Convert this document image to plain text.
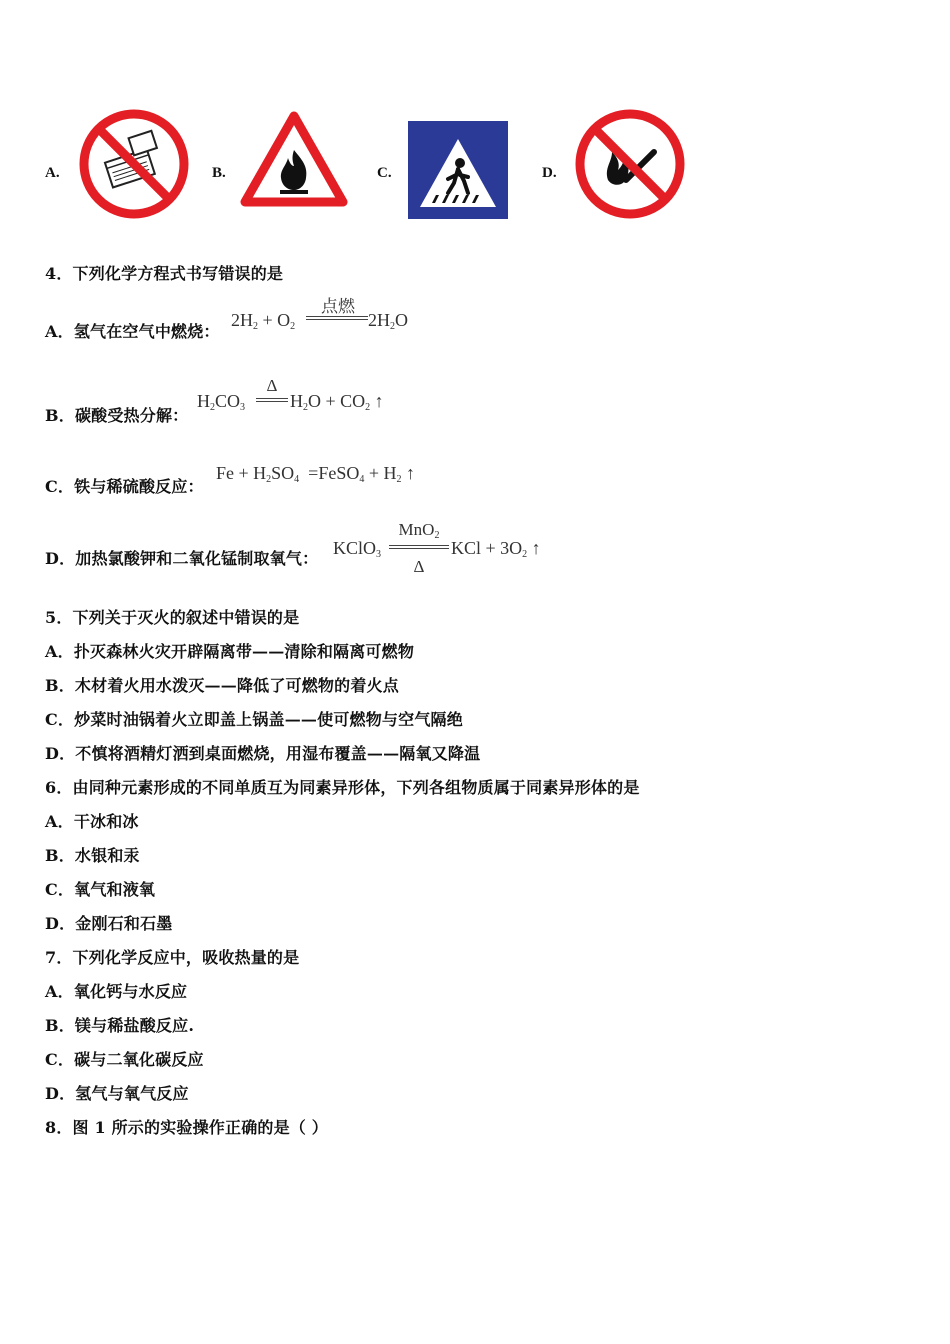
A.	B.	C.	D.
4．下列化学方程式书写错误的是
A．氢气在空气中燃烧：
$2H_2 + O_2$
点燃
$2H_2O$
B．碳酸受热分解：
$H_2CO_3$
Δ
$H_2O + CO_2$ ↑
C．铁与稀硫酸反应：
$Fe + H_2SO_4$  =FeSO$_4$ + $H_2$ ↑
D．加热氯酸钾和二氧化锰制取氧气：
KClO$_3$
MnO$_2$
Δ
KCl + $3O_2$ ↑
5．下列关于灭火的叙述中错误的是
A．扑灭森林火灾开辟隔离带——清除和隔离可燃物
B．木材着火用水泼灭——降低了可燃物的着火点
C．炒菜时油锅着火立即盖上锅盖——使可燃物与空气隔绝
D．不慎将酒精灯洒到桌面燃烧，用湿布覆盖——隔氧又降温
6．由同种元素形成的不同单质互为同素异形体，下列各组物质属于同素异形体的是
A．干冰和冰
B．水银和汞
C．氧气和液氧
D．金刚石和石墨
7．下列化学反应中，吸收热量的是
A．氧化钙与水反应
B．镁与稀盐酸反应.
C．碳与二氧化碳反应
D．氢气与氧气反应
8．图 1 所示的实验操作正确的是（ ）
